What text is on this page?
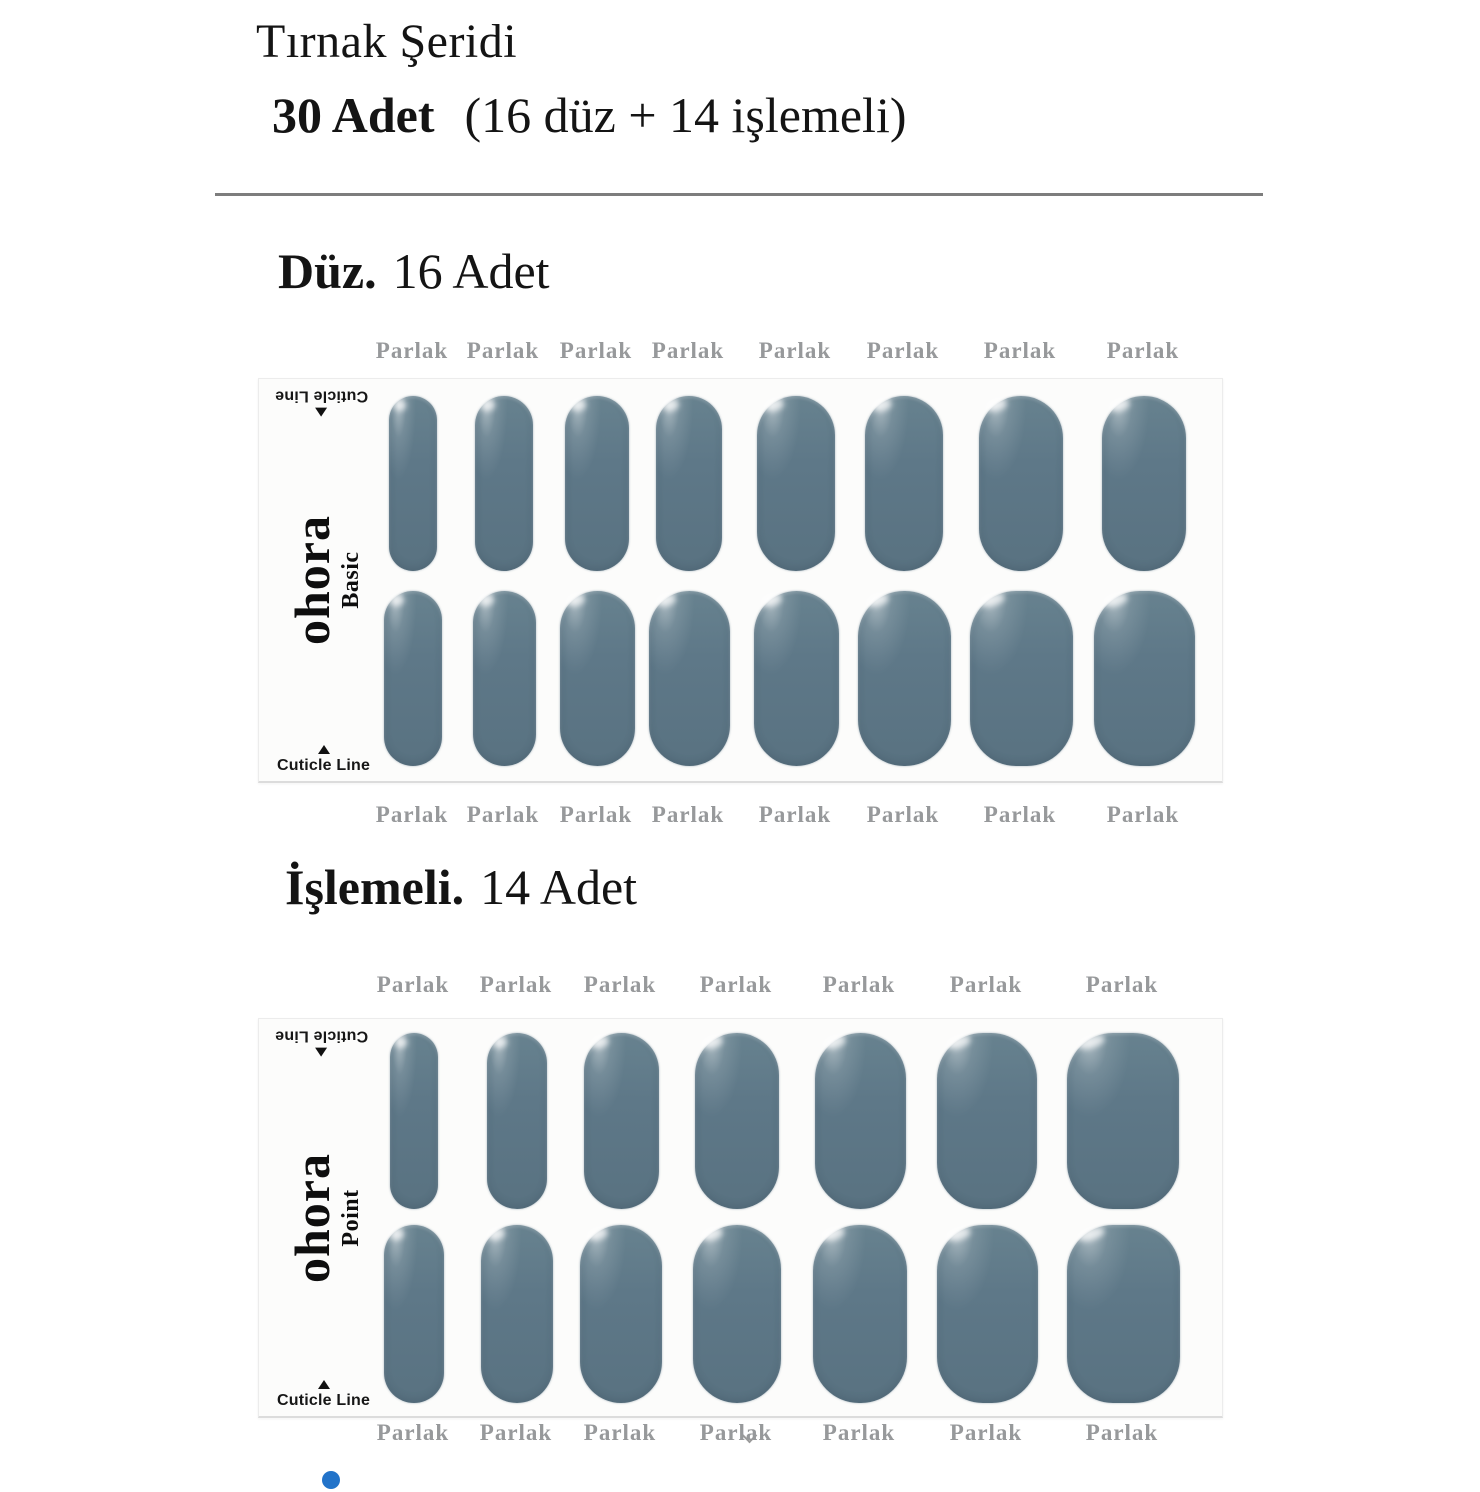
Tırnak Şeridi
30 Adet (16 düz + 14 işlemeli)
Düz. 16 Adet
ohora
Basic
Cuticle Line
Cuticle Line
İşlemeli. 14 Adet
ohora
Point
Cuticle Line
Cuticle Line
Parlak Parlak Parlak Parlak Parlak Parlak Parlak Parlak
Parlak Parlak Parlak Parlak Parlak Parlak Parlak Parlak
Parlak Parlak Parlak Parlak Parlak Parlak	Parlak
Parlak Parlak Parlak Parlak Parlak Parlak	Parlak
